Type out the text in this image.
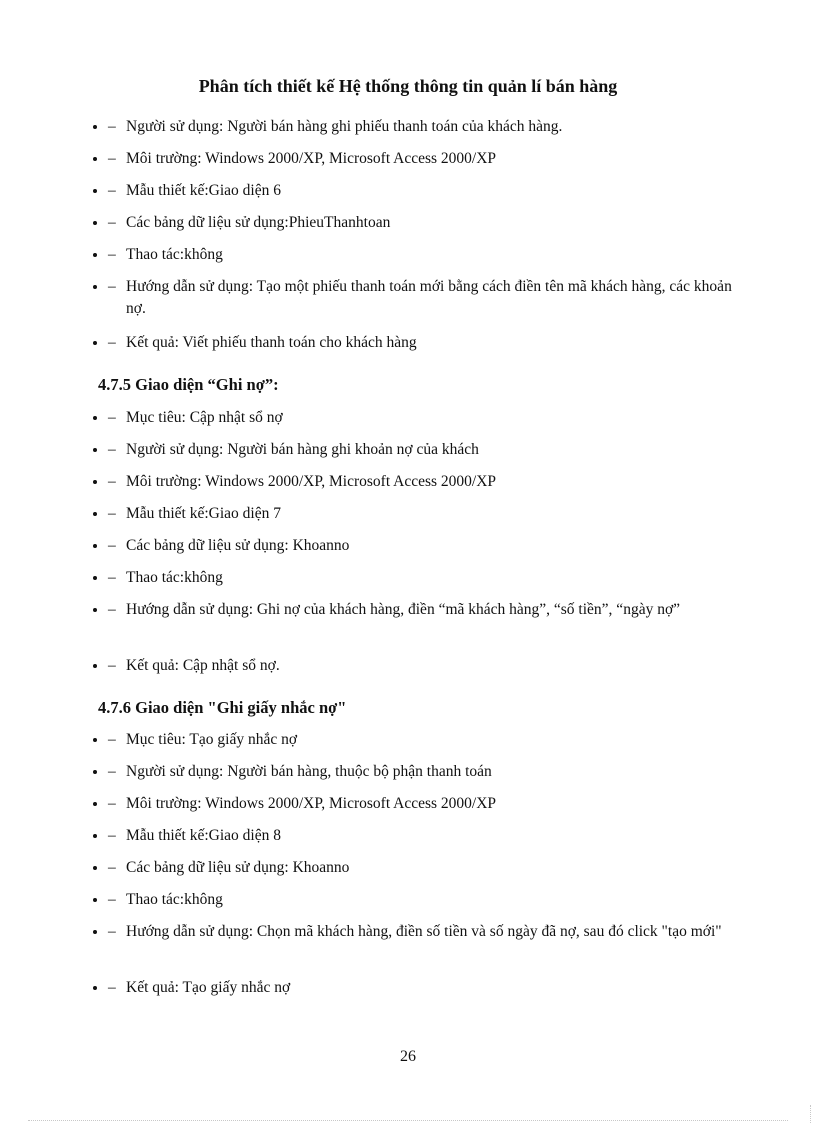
Phân tích thiết kế Hệ thống thông tin quản lí bán hàng
• – Người sử dụng: Người bán hàng ghi phiếu thanh toán của khách hàng.
• – Môi trường: Windows 2000/XP, Microsoft Access 2000/XP
• – Mẫu thiết kế:Giao diện 6
• – Các bảng dữ liệu sử dụng:PhieuThanhtoan
• – Thao tác:không
• – Hướng dẫn sử dụng: Tạo một phiếu thanh toán mới bằng cách điền tên mã khách hàng, các khoản nợ.
• – Kết quả: Viết phiếu thanh toán cho khách hàng
4.7.5 Giao diện “Ghi nợ”:
• – Mục tiêu: Cập nhật sổ nợ
• – Người sử dụng: Người bán hàng ghi khoản nợ của khách
• – Môi trường: Windows 2000/XP, Microsoft Access 2000/XP
• – Mẫu thiết kế:Giao diện 7
• – Các bảng dữ liệu sử dụng: Khoanno
• – Thao tác:không
• – Hướng dẫn sử dụng: Ghi nợ của khách hàng, điền “mã khách hàng”, “số tiền”, “ngày nợ”
• – Kết quả: Cập nhật sổ nợ.
4.7.6 Giao diện "Ghi giấy nhắc nợ"
• – Mục tiêu: Tạo giấy nhắc nợ
• – Người sử dụng: Người bán hàng, thuộc bộ phận thanh toán
• – Môi trường: Windows 2000/XP, Microsoft Access 2000/XP
• – Mẫu thiết kế:Giao diện 8
• – Các bảng dữ liệu sử dụng: Khoanno
• – Thao tác:không
• – Hướng dẫn sử dụng: Chọn mã khách hàng, điền số tiền và số ngày đã nợ, sau đó click "tạo mới"
• – Kết quả: Tạo giấy nhắc nợ
26
